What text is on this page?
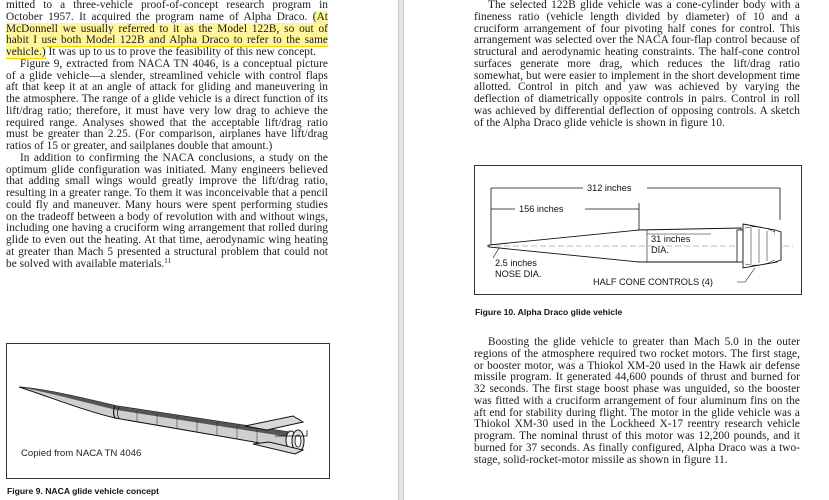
mitted to a three-vehicle proof-of-concept research program in October 1957. It acquired the program name of Alpha Draco. (At McDonnell we usually referred to it as the Model 122B, so out of habit I use both Model 122B and Alpha Draco to refer to the same vehicle.) It was up to us to prove the feasibility of this new concept.

Figure 9, extracted from NACA TN 4046, is a conceptual picture of a glide vehicle—a slender, streamlined vehicle with control flaps aft that keep it at an angle of attack for gliding and maneuvering in the atmosphere. The range of a glide vehicle is a direct function of its lift/drag ratio; therefore, it must have very low drag to achieve the required range. Analyses showed that the acceptable lift/drag ratio must be greater than 2.25. (For comparison, airplanes have lift/drag ratios of 15 or greater, and sailplanes double that amount.)

In addition to confirming the NACA conclusions, a study on the optimum glide configuration was initiated. Many engineers believed that adding small wings would greatly improve the lift/drag ratio, resulting in a greater range. To them it was inconceivable that a pencil could fly and maneuver. Many hours were spent performing studies on the tradeoff between a body of revolution with and without wings, including one having a cruciform wing arrangement that rolled during glide to even out the heating. At that time, aerodynamic wing heating at greater than Mach 5 presented a structural problem that could not be solved with available materials.$^{11}$

Copied from NACA TN 4046
Figure 9. NACA glide vehicle concept

The selected 122B glide vehicle was a cone-cylinder body with a fineness ratio (vehicle length divided by diameter) of 10 and a cruciform arrangement of four pivoting half cones for control. This arrangement was selected over the NACA four-flap control because of structural and aerodynamic heating constraints. The half-cone control surfaces generate more drag, which reduces the lift/drag ratio somewhat, but were easier to implement in the short development time allotted. Control in pitch and yaw was achieved by varying the deflection of diametrically opposite controls in pairs. Control in roll was achieved by differential deflection of opposing controls. A sketch of the Alpha Draco glide vehicle is shown in figure 10.

312 inches
156 inches
31 inches
DIA.
2.5 inches
NOSE DIA.
HALF CONE CONTROLS (4)
Figure 10. Alpha Draco glide vehicle

Boosting the glide vehicle to greater than Mach 5.0 in the outer regions of the atmosphere required two rocket motors. The first stage, or booster motor, was a Thiokol XM-20 used in the Hawk air defense missile program. It generated 44,600 pounds of thrust and burned for 32 seconds. The first stage boost phase was unguided, so the booster was fitted with a cruciform arrangement of four aluminum fins on the aft end for stability during flight. The motor in the glide vehicle was a Thiokol XM-30 used in the Lockheed X-17 reentry research vehicle program. The nominal thrust of this motor was 12,200 pounds, and it burned for 37 seconds. As finally configured, Alpha Draco was a two-stage, solid-rocket-motor missile as shown in figure 11.
